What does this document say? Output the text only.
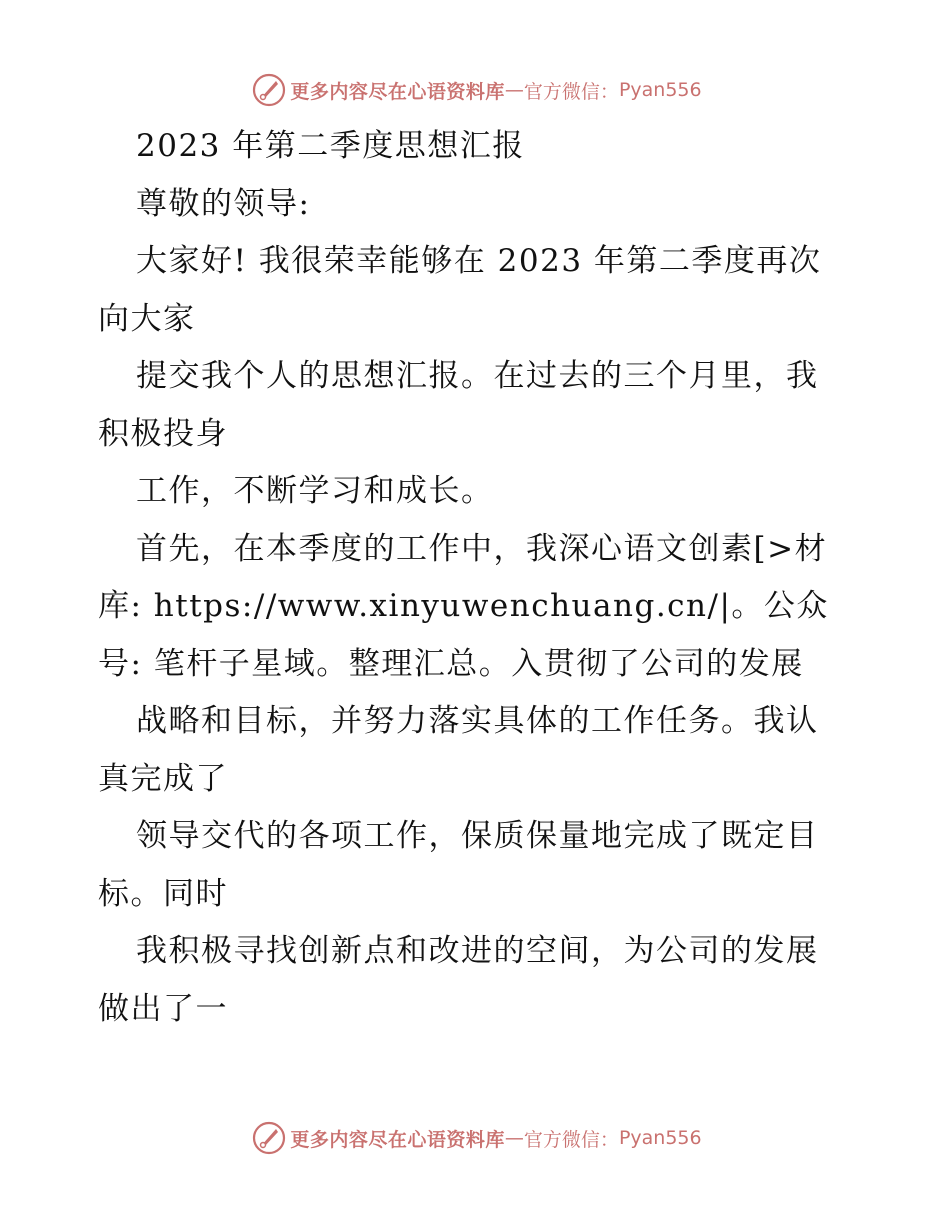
更多内容尽在心语资料库 — 官方微信： Pyan556
2023 年第二季度思想汇报
尊敬的领导:
大家好! 我很荣幸能够在 2023 年第二季度再次
向大家
提交我个人的思想汇报。在过去的三个月里，我
积极投身
工作，不断学习和成长。
首先，在本季度的工作中，我深心语文创素[>材
库: https://www.xinyuwenchuang.cn/|。公众
号: 笔杆子星域。整理汇总。入贯彻了公司的发展
战略和目标，并努力落实具体的工作任务。我认
真完成了
领导交代的各项工作，保质保量地完成了既定目
标。同时
我积极寻找创新点和改进的空间，为公司的发展
做出了一
更多内容尽在心语资料库 — 官方微信： Pyan556
